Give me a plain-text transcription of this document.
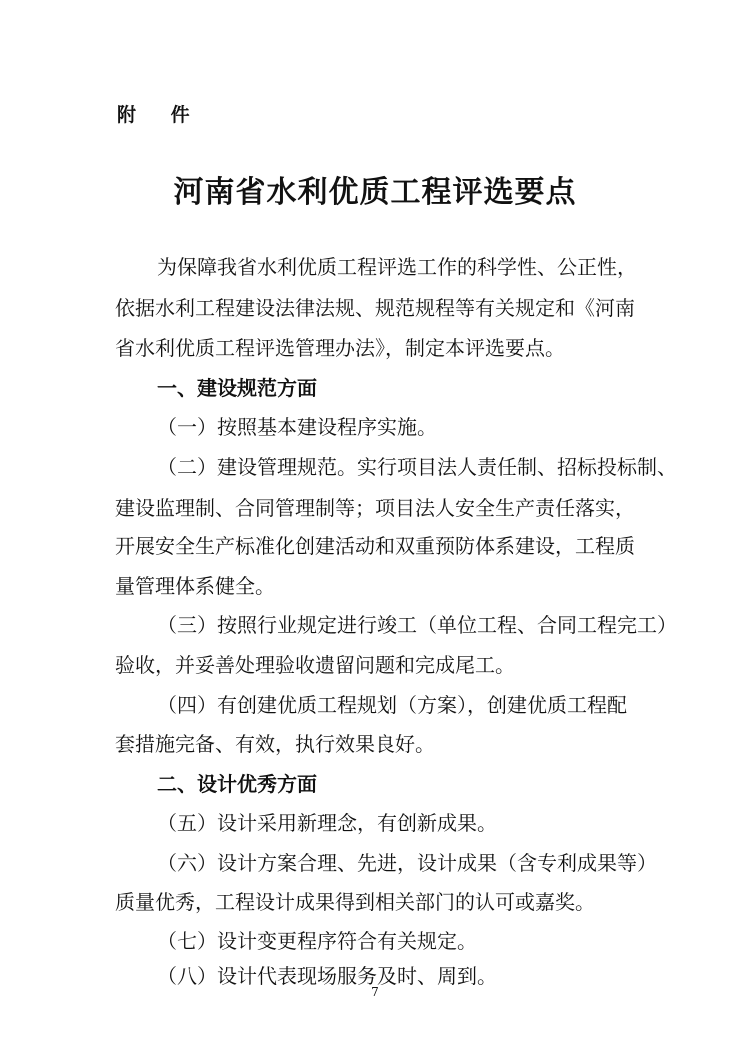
附 件
河南省水利优质工程评选要点
为保障我省水利优质工程评选工作的科学性、公正性，
依据水利工程建设法律法规、规范规程等有关规定和《河南
省水利优质工程评选管理办法》，制定本评选要点。
一、建设规范方面
（一）按照基本建设程序实施。
（二）建设管理规范。实行项目法人责任制、招标投标制、
建设监理制、合同管理制等；项目法人安全生产责任落实，
开展安全生产标准化创建活动和双重预防体系建设，工程质
量管理体系健全。
（三）按照行业规定进行竣工（单位工程、合同工程完工）
验收，并妥善处理验收遗留问题和完成尾工。
（四）有创建优质工程规划（方案），创建优质工程配
套措施完备、有效，执行效果良好。
二、设计优秀方面
（五）设计采用新理念，有创新成果。
（六）设计方案合理、先进，设计成果（含专利成果等）
质量优秀，工程设计成果得到相关部门的认可或嘉奖。
（七）设计变更程序符合有关规定。
（八）设计代表现场服务及时、周到。
7
